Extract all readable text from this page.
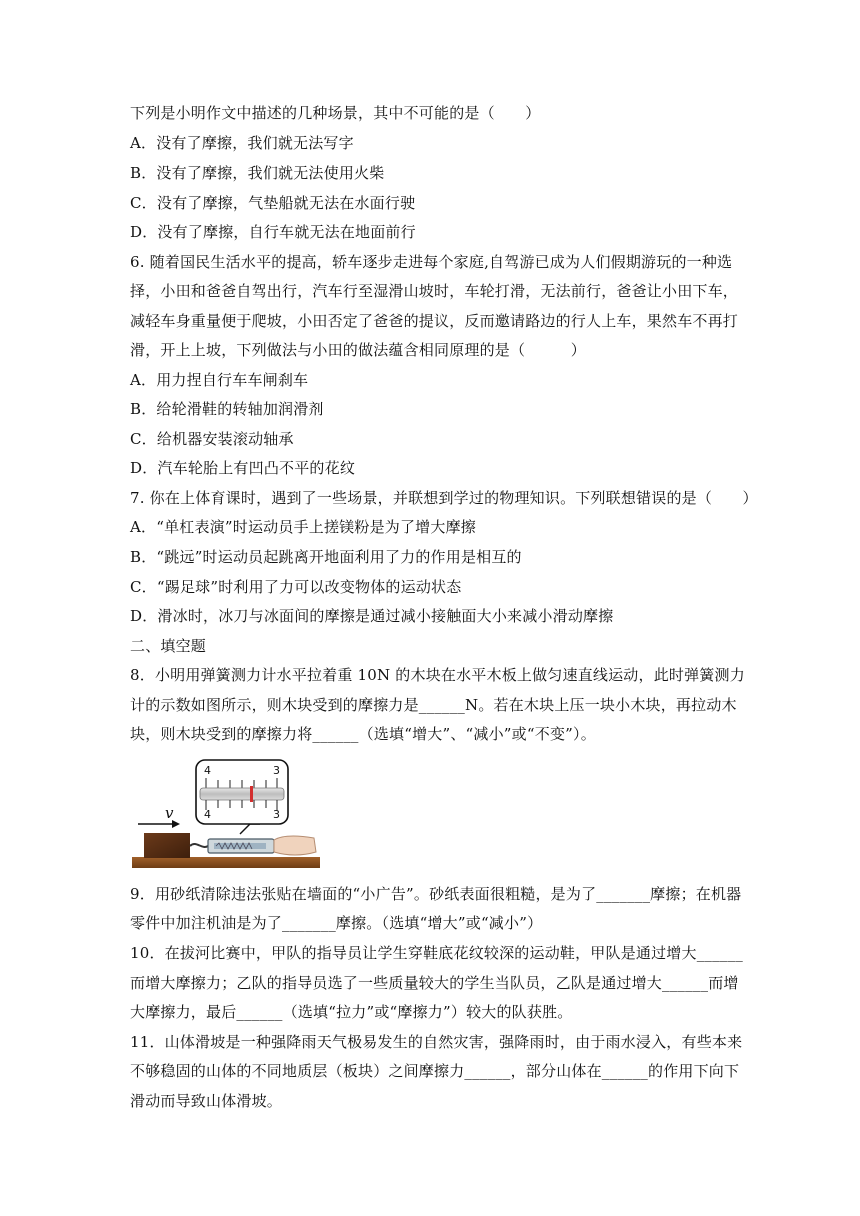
下列是小明作文中描述的几种场景，其中不可能的是（　　）
A．没有了摩擦，我们就无法写字
B．没有了摩擦，我们就无法使用火柴
C．没有了摩擦，气垫船就无法在水面行驶
D．没有了摩擦，自行车就无法在地面前行
6. 随着国民生活水平的提高，轿车逐步走进每个家庭,自驾游已成为人们假期游玩的一种选
择，小田和爸爸自驾出行，汽车行至湿滑山坡时，车轮打滑，无法前行，爸爸让小田下车，
减轻车身重量便于爬坡，小田否定了爸爸的提议，反而邀请路边的行人上车，果然车不再打
滑，开上上坡，下列做法与小田的做法蕴含相同原理的是（　　　）
A．用力捏自行车车闸刹车
B．给轮滑鞋的转轴加润滑剂
C．给机器安装滚动轴承
D．汽车轮胎上有凹凸不平的花纹
7. 你在上体育课时，遇到了一些场景，并联想到学过的物理知识。下列联想错误的是（　　）
A．“单杠表演”时运动员手上搓镁粉是为了增大摩擦
B．“跳远”时运动员起跳离开地面利用了力的作用是相互的
C．“踢足球”时利用了力可以改变物体的运动状态
D．滑冰时，冰刀与冰面间的摩擦是通过减小接触面大小来减小滑动摩擦
二、填空题
8．小明用弹簧测力计水平拉着重 10N 的木块在水平木板上做匀速直线运动，此时弹簧测力
计的示数如图所示，则木块受到的摩擦力是______N。若在木块上压一块小木块，再拉动木
块，则木块受到的摩擦力将______（选填“增大”、“减小”或“不变”）。
v
4	3
4	3
9．用砂纸清除违法张贴在墙面的“小广告”。砂纸表面很粗糙，是为了_______摩擦；在机器
零件中加注机油是为了_______摩擦。（选填“增大”或“减小”）
10．在拔河比赛中，甲队的指导员让学生穿鞋底花纹较深的运动鞋，甲队是通过增大______
而增大摩擦力；乙队的指导员选了一些质量较大的学生当队员，乙队是通过增大______而增
大摩擦力，最后______（选填“拉力”或“摩擦力”）较大的队获胜。
11．山体滑坡是一种强降雨天气极易发生的自然灾害，强降雨时，由于雨水浸入，有些本来
不够稳固的山体的不同地质层（板块）之间摩擦力______，部分山体在______的作用下向下
滑动而导致山体滑坡。
